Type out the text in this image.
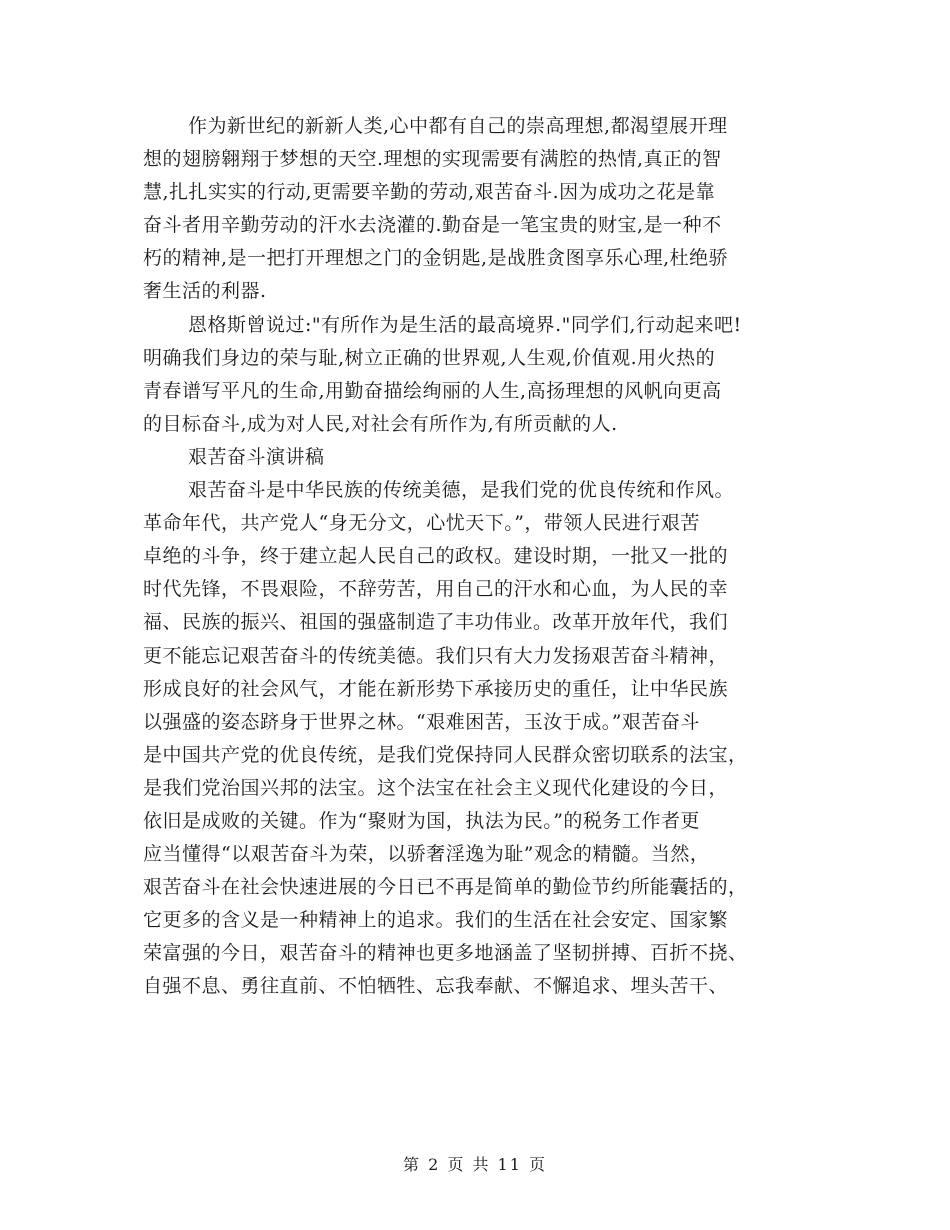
作为新世纪的新新人类,心中都有自己的崇高理想,都渴望展开理
想的翅膀翱翔于梦想的天空.理想的实现需要有满腔的热情,真正的智
慧,扎扎实实的行动,更需要辛勤的劳动,艰苦奋斗.因为成功之花是靠
奋斗者用辛勤劳动的汗水去浇灌的.勤奋是一笔宝贵的财宝,是一种不
朽的精神,是一把打开理想之门的金钥匙,是战胜贪图享乐心理,杜绝骄
奢生活的利器.
恩格斯曾说过:"有所作为是生活的最高境界."同学们,行动起来吧!
明确我们身边的荣与耻,树立正确的世界观,人生观,价值观.用火热的
青春谱写平凡的生命,用勤奋描绘绚丽的人生,高扬理想的风帆向更高
的目标奋斗,成为对人民,对社会有所作为,有所贡献的人.
艰苦奋斗演讲稿
艰苦奋斗是中华民族的传统美德，是我们党的优良传统和作风。
革命年代，共产党人“身无分文，心忧天下。”，带领人民进行艰苦
卓绝的斗争，终于建立起人民自己的政权。建设时期，一批又一批的
时代先锋，不畏艰险，不辞劳苦，用自己的汗水和心血，为人民的幸
福、民族的振兴、祖国的强盛制造了丰功伟业。改革开放年代，我们
更不能忘记艰苦奋斗的传统美德。我们只有大力发扬艰苦奋斗精神，
形成良好的社会风气，才能在新形势下承接历史的重任，让中华民族
以强盛的姿态跻身于世界之林。“艰难困苦，玉汝于成。”艰苦奋斗
是中国共产党的优良传统，是我们党保持同人民群众密切联系的法宝，
是我们党治国兴邦的法宝。这个法宝在社会主义现代化建设的今日，
依旧是成败的关键。作为“聚财为国，执法为民。”的税务工作者更
应当懂得“以艰苦奋斗为荣，以骄奢淫逸为耻”观念的精髓。当然，
艰苦奋斗在社会快速进展的今日已不再是简单的勤俭节约所能囊括的，
它更多的含义是一种精神上的追求。我们的生活在社会安定、国家繁
荣富强的今日，艰苦奋斗的精神也更多地涵盖了坚韧拼搏、百折不挠、
自强不息、勇往直前、不怕牺牲、忘我奉献、不懈追求、埋头苦干、
第 2 页 共 11 页
